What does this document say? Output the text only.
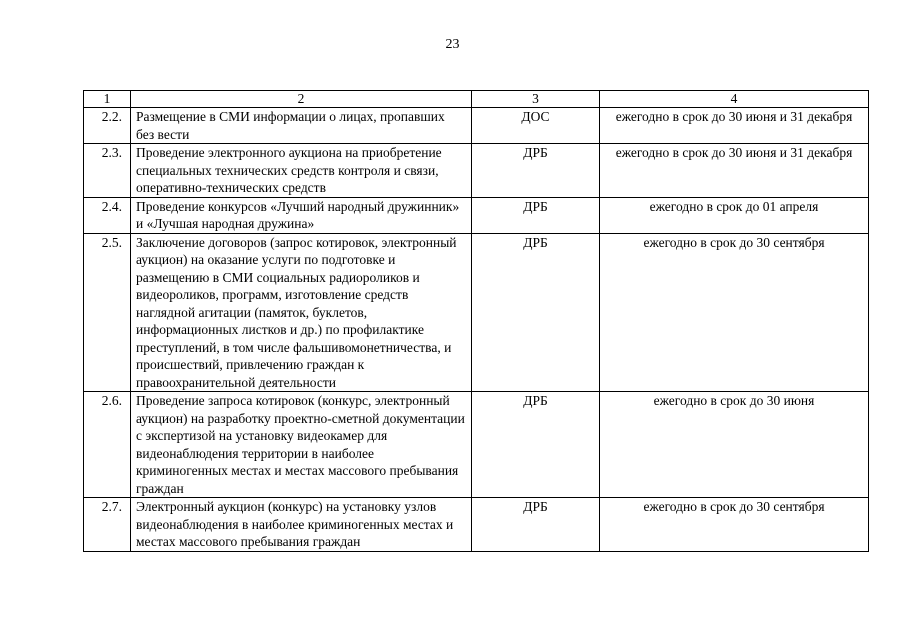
23
1	2	3	4
2.2.	Размещение в СМИ информации о лицах, пропавших без вести	ДОС	ежегодно в срок до 30 июня и 31 декабря
2.3.	Проведение электронного аукциона на приобретение специальных технических средств контроля и связи, оперативно-технических средств	ДРБ	ежегодно в срок до 30 июня и 31 декабря
2.4.	Проведение конкурсов «Лучший народный дружинник» и «Лучшая народная дружина»	ДРБ	ежегодно в срок до 01 апреля
2.5.	Заключение договоров (запрос котировок, электронный аукцион) на оказание услуги по подготовке и размещению в СМИ социальных радиороликов и видеороликов, программ, изготовление средств наглядной агитации (памяток, буклетов, информационных листков и др.) по профилактике преступлений, в том числе фальшивомонетничества, и происшествий, привлечению граждан к правоохранительной деятельности	ДРБ	ежегодно в срок до 30 сентября
2.6.	Проведение запроса котировок (конкурс, электронный аукцион) на разработку проектно-сметной документации с экспертизой на установку видеокамер для видеонаблюдения территории в наиболее криминогенных местах и местах массового пребывания граждан	ДРБ	ежегодно в срок до 30 июня
2.7.	Электронный аукцион (конкурс) на установку узлов видеонаблюдения в наиболее криминогенных местах и местах массового пребывания граждан	ДРБ	ежегодно в срок до 30 сентября
